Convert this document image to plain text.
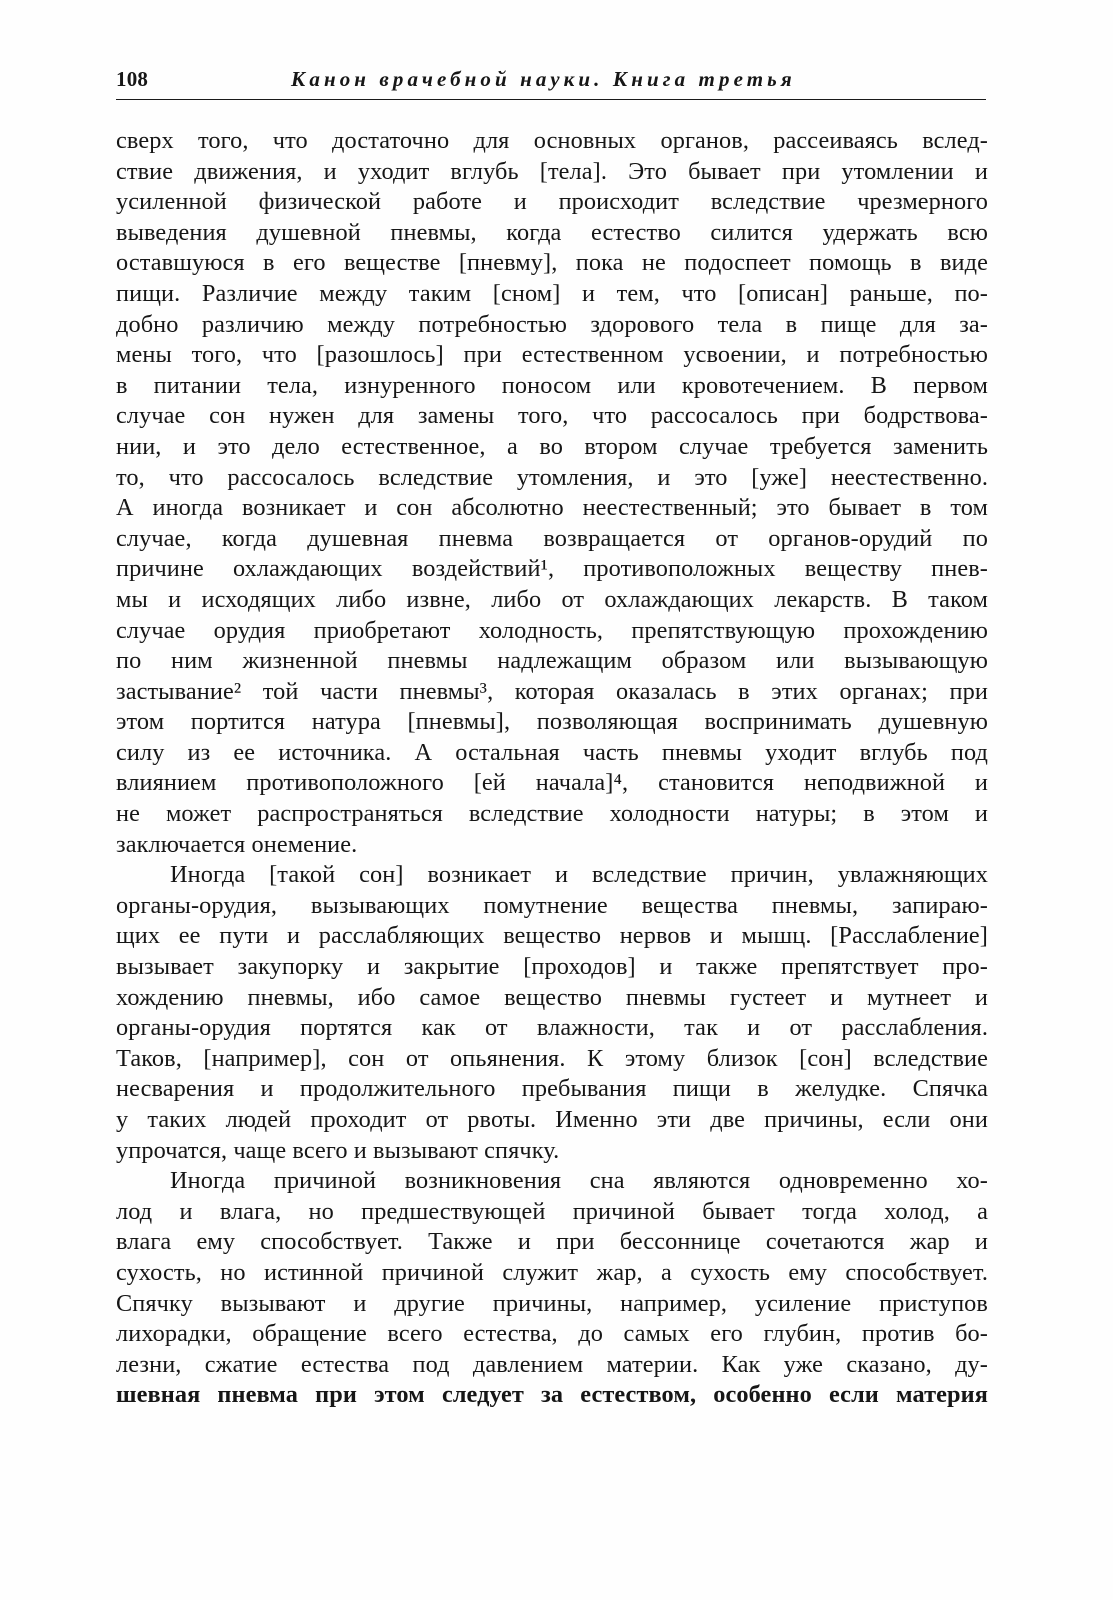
108	Канон врачебной науки. Книга третья
сверх того, что достаточно для основных органов, рассеиваясь вслед-
ствие движения, и уходит вглубь [тела]. Это бывает при утомлении и
усиленной физической работе и происходит вследствие чрезмерного
выведения душевной пневмы, когда естество силится удержать всю
оставшуюся в его веществе [пневму], пока не подоспеет помощь в виде
пищи. Различие между таким [сном] и тем, что [описан] раньше, по-
добно различию между потребностью здорового тела в пище для за-
мены того, что [разошлось] при естественном усвоении, и потребностью
в питании тела, изнуренного поносом или кровотечением. В первом
случае сон нужен для замены того, что рассосалось при бодрствова-
нии, и это дело естественное, а во втором случае требуется заменить
то, что рассосалось вследствие утомления, и это [уже] неестественно.
А иногда возникает и сон абсолютно неестественный; это бывает в том
случае, когда душевная пневма возвращается от органов-орудий по
причине охлаждающих воздействий¹, противоположных веществу пнев-
мы и исходящих либо извне, либо от охлаждающих лекарств. В таком
случае орудия приобретают холодность, препятствующую прохождению
по ним жизненной пневмы надлежащим образом или вызывающую
застывание² той части пневмы³, которая оказалась в этих органах; при
этом портится натура [пневмы], позволяющая воспринимать душевную
силу из ее источника. А остальная часть пневмы уходит вглубь под
влиянием противоположного [ей начала]⁴, становится неподвижной и
не может распространяться вследствие холодности натуры; в этом и
заключается онемение.
Иногда [такой сон] возникает и вследствие причин, увлажняющих
органы-орудия, вызывающих помутнение вещества пневмы, запираю-
щих ее пути и расслабляющих вещество нервов и мышц. [Расслабление]
вызывает закупорку и закрытие [проходов] и также препятствует про-
хождению пневмы, ибо самое вещество пневмы густеет и мутнеет и
органы-орудия портятся как от влажности, так и от расслабления.
Таков, [например], сон от опьянения. К этому близок [сон] вследствие
несварения и продолжительного пребывания пищи в желудке. Спячка
у таких людей проходит от рвоты. Именно эти две причины, если они
упрочатся, чаще всего и вызывают спячку.
Иногда причиной возникновения сна являются одновременно хо-
лод и влага, но предшествующей причиной бывает тогда холод, а
влага ему способствует. Также и при бессоннице сочетаются жар и
сухость, но истинной причиной служит жар, а сухость ему способствует.
Спячку вызывают и другие причины, например, усиление приступов
лихорадки, обращение всего естества, до самых его глубин, против бо-
лезни, сжатие естества под давлением материи. Как уже сказано, ду-
шевная пневма при этом следует за естеством, особенно если материя
